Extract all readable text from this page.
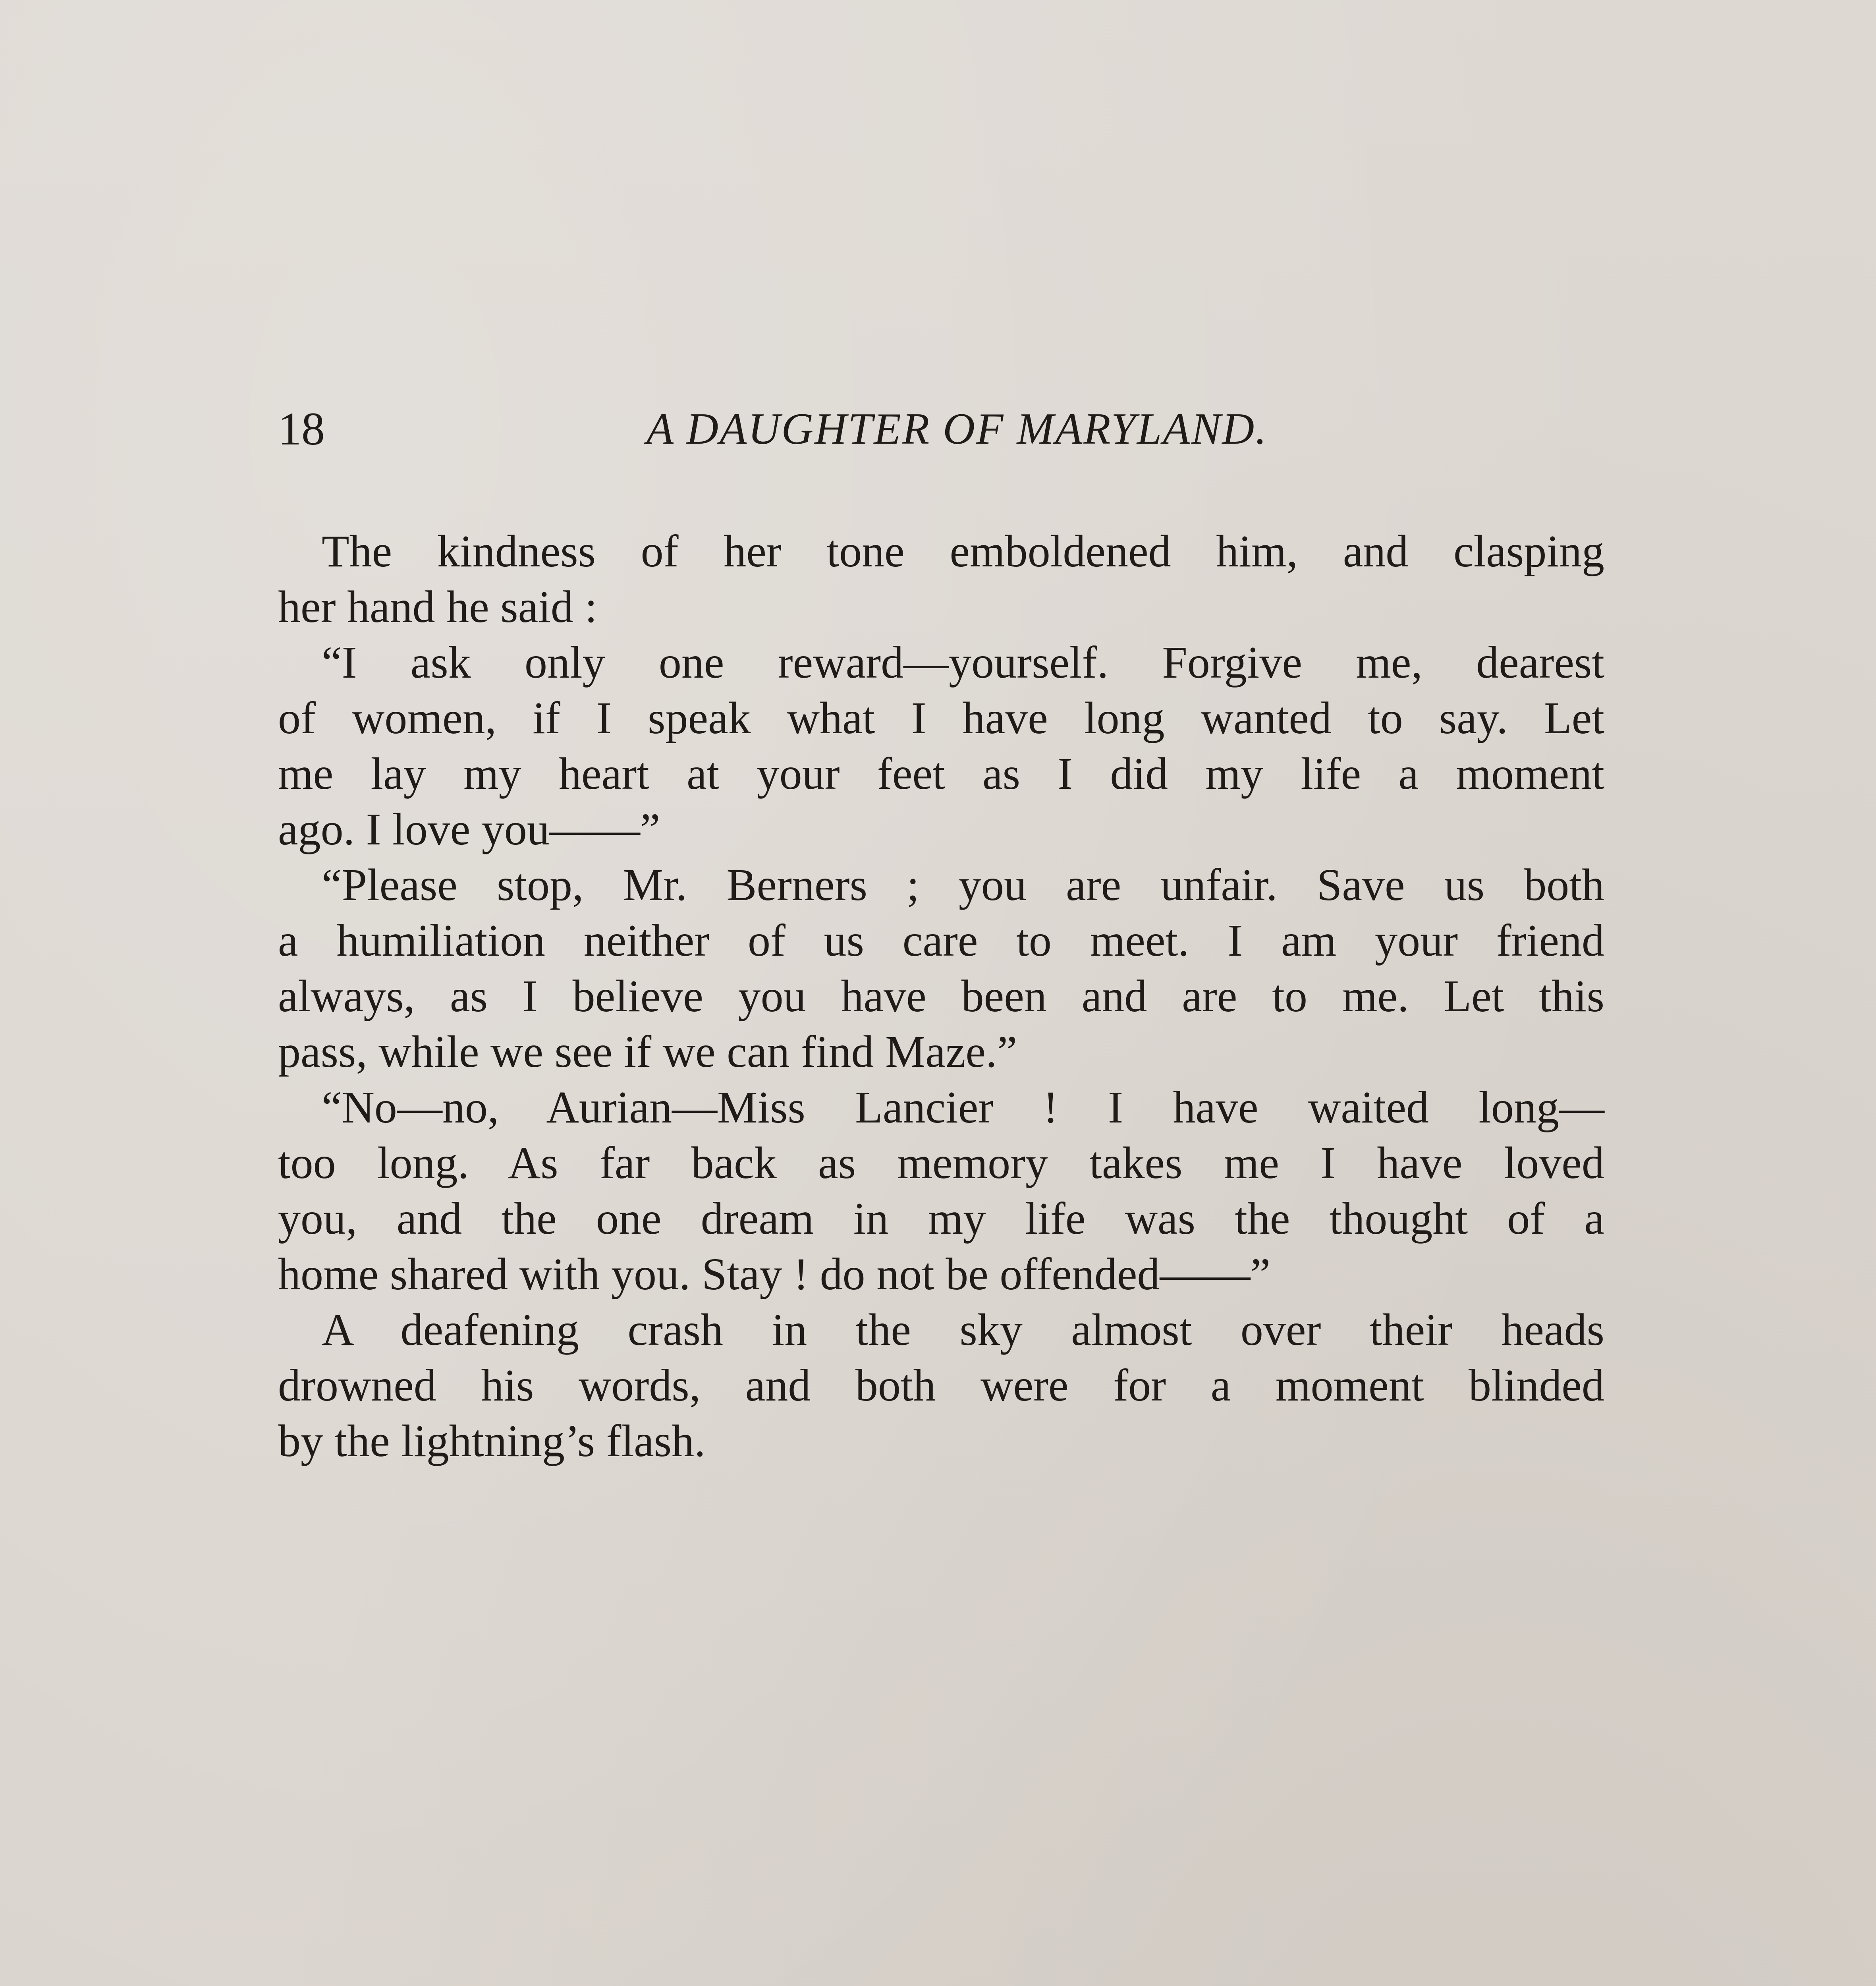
18	A DAUGHTER OF MARYLAND.
The kindness of her tone emboldened him, and clasping
her hand he said :
“I ask only one reward—yourself. Forgive me, dearest
of women, if I speak what I have long wanted to say. Let
me lay my heart at your feet as I did my life a moment
ago. I love you——”
“Please stop, Mr. Berners ; you are unfair. Save us both
a humiliation neither of us care to meet. I am your friend
always, as I believe you have been and are to me. Let this
pass, while we see if we can find Maze.”
“No—no, Aurian—Miss Lancier ! I have waited long—
too long. As far back as memory takes me I have loved
you, and the one dream in my life was the thought of a
home shared with you. Stay ! do not be offended——”
A deafening crash in the sky almost over their heads
drowned his words, and both were for a moment blinded
by the lightning’s flash.
